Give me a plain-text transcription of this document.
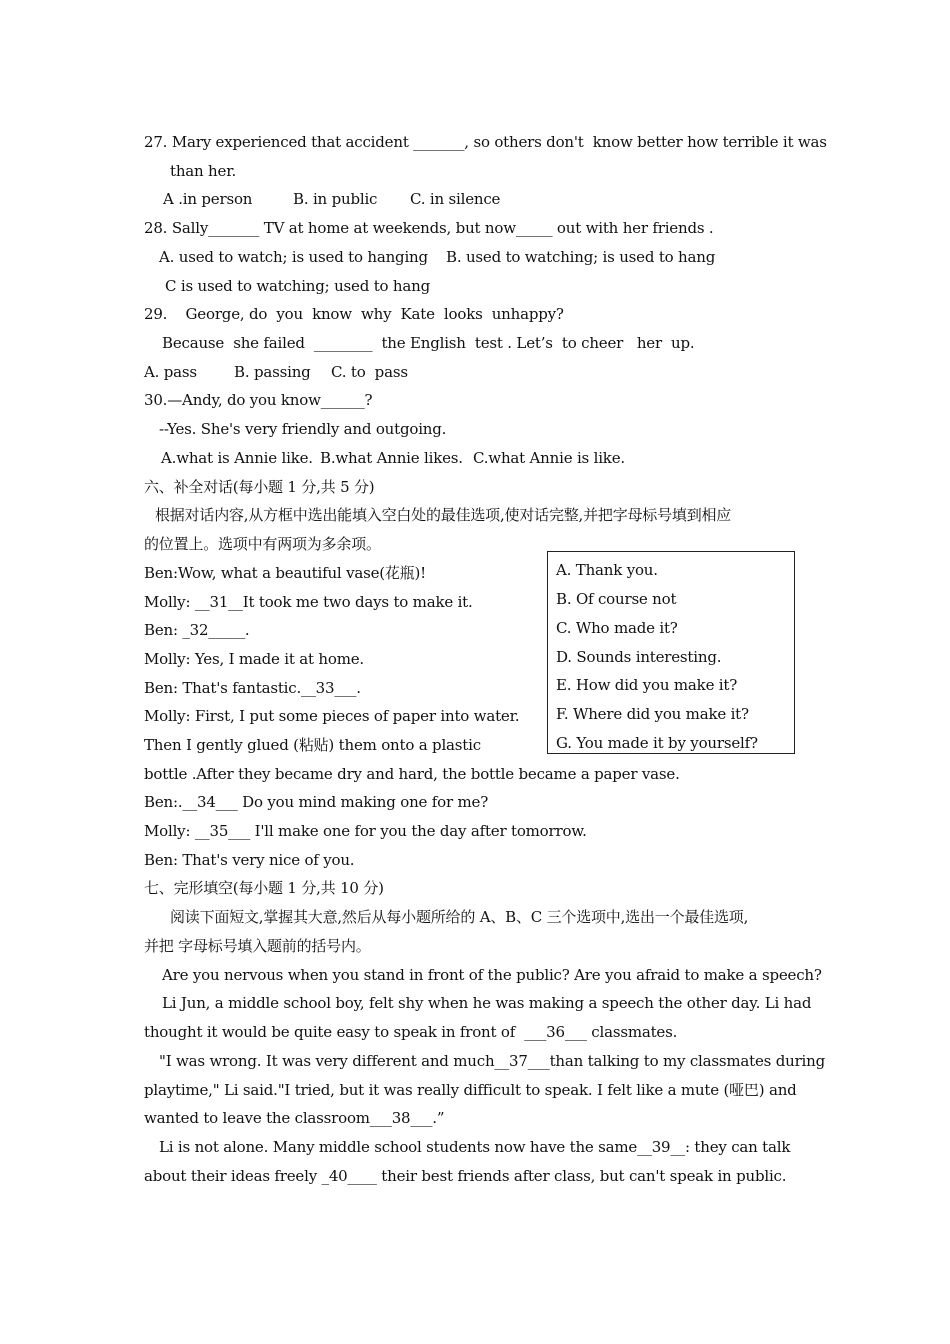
27. Mary experienced that accident _______, so others don't  know better how terrible it was
than her.
A .in person	B. in public C. in silence
28. Sally_______ TV at home at weekends, but now_____ out with her friends .
A. used to watch; is used to hanging B. used to watching; is used to hang
C is used to watching; used to hang
29.    George, do  you  know  why  Kate  looks  unhappy?
Because  she failed  ________  the English  test . Let’s  to cheer   her  up.
A. pass B. passing C. to  pass
30.—Andy, do you know______?
--Yes. She's very friendly and outgoing.
A.what is Annie like. B.what Annie likes. C.what Annie is like.
六、补全对话(每小题 1 分,共 5 分)
根据对话内容,从方框中选出能填入空白处的最佳选项,使对话完整,并把字母标号填到相应
的位置上。选项中有两项为多余项。
Ben:Wow, what a beautiful vase(花瓶)!
Molly: __31__It took me two days to make it.
Ben: _32_____.
Molly: Yes, I made it at home.
Ben: That's fantastic.__33___.
Molly: First, I put some pieces of paper into water.
Then I gently glued (粘贴) them onto a plastic
bottle .After they became dry and hard, the bottle became a paper vase.
Ben:.__34___ Do you mind making one for me?
Molly: __35___ I'll make one for you the day after tomorrow.
Ben: That's very nice of you.
A. Thank you.
B. Of course not
C. Who made it?
D. Sounds interesting.
E. How did you make it?
F. Where did you make it?
G. You made it by yourself?
七、完形填空(每小题 1 分,共 10 分)
阅读下面短文,掌握其大意,然后从每小题所给的 A、B、C 三个选项中,选出一个最佳选项,
并把 字母标号填入题前的括号内。
Are you nervous when you stand in front of the public? Are you afraid to make a speech?
Li Jun, a middle school boy, felt shy when he was making a speech the other day. Li had
thought it would be quite easy to speak in front of  ___36___ classmates.
"I was wrong. It was very different and much__37___than talking to my classmates during
playtime," Li said."I tried, but it was really difficult to speak. I felt like a mute (哑巴) and
wanted to leave the classroom___38___.”
Li is not alone. Many middle school students now have the same__39__: they can talk
about their ideas freely _40____ their best friends after class, but can't speak in public.
